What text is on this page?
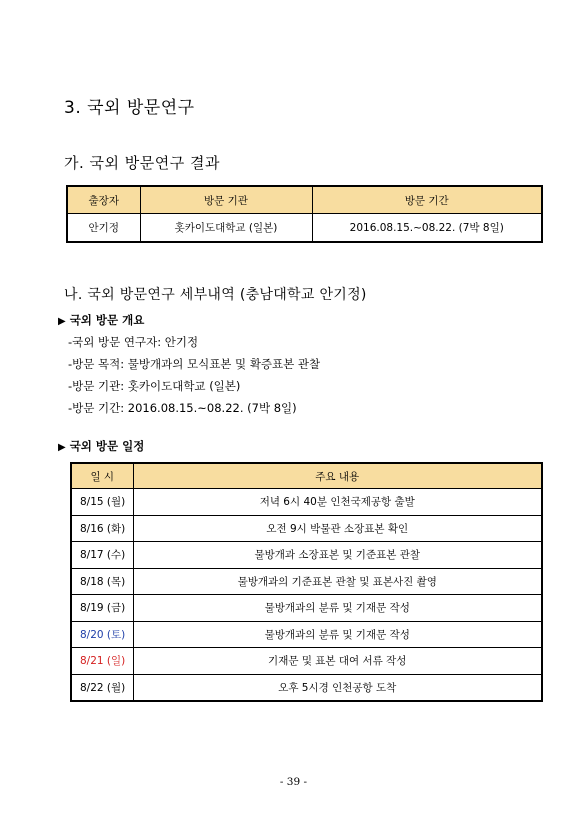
3. 국외 방문연구
가. 국외 방문연구 결과
출장자	방문 기관	방문 기간
안기정	홋카이도대학교 (일본)	2016.08.15.~08.22. (7박 8일)
나. 국외 방문연구 세부내역 (충남대학교 안기정)
▶ 국외 방문 개요
-국외 방문 연구자: 안기정
-방문 목적: 물방개과의 모식표본 및 확증표본 관찰
-방문 기관: 홋카이도대학교 (일본)
-방문 기간: 2016.08.15.~08.22. (7박 8일)
▶ 국외 방문 일정
일 시	주요 내용
8/15 (월)	저녁 6시 40분 인천국제공항 출발
8/16 (화)	오전 9시 박물관 소장표본 확인
8/17 (수)	물방개과 소장표본 및 기준표본 관찰
8/18 (목)	물방개과의 기준표본 관찰 및 표본사진 촬영
8/19 (금)	물방개과의 분류 및 기재문 작성
8/20 (토)	물방개과의 분류 및 기재문 작성
8/21 (일)	기재문 및 표본 대여 서류 작성
8/22 (월)	오후 5시경 인천공항 도착
- 39 -
